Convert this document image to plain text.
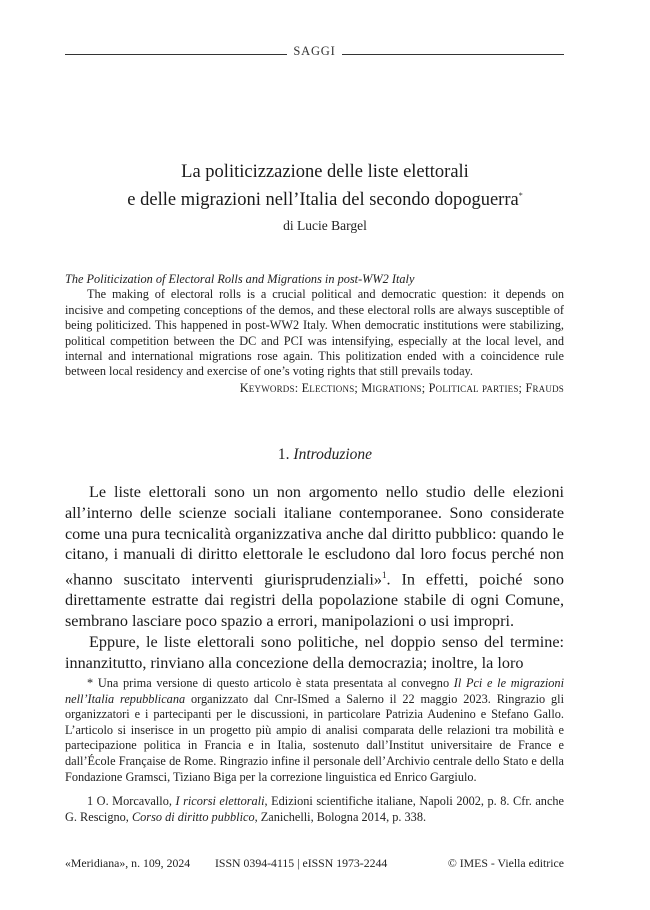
SAGGI
La politicizzazione delle liste elettorali
e delle migrazioni nell’Italia del secondo dopoguerra*
di Lucie Bargel
The Politicization of Electoral Rolls and Migrations in post-WW2 Italy

The making of electoral rolls is a crucial political and democratic question: it depends on incisive and competing conceptions of the demos, and these electoral rolls are always susceptible of being politicized. This happened in post-WW2 Italy. When democratic institutions were stabilizing, political competition between the DC and PCI was intensifying, especially at the local level, and internal and international migrations rose again. This politization ended with a coincidence rule between local residency and exercise of one’s voting rights that still prevails today.

Keywords: Elections; Migrations; Political parties; Frauds
1. Introduzione

Le liste elettorali sono un non argomento nello studio delle elezioni all’interno delle scienze sociali italiane contemporanee. Sono considerate come una pura tecnicalità organizzativa anche dal diritto pubblico: quando le citano, i manuali di diritto elettorale le escludono dal loro focus perché non «hanno suscitato interventi giurisprudenziali»$^1$. In effetti, poiché sono direttamente estratte dai registri della popolazione stabile di ogni Comune, sembrano lasciare poco spazio a errori, manipolazioni o usi impropri.

Eppure, le liste elettorali sono politiche, nel doppio senso del termine: innanzitutto, rinviano alla concezione della democrazia; inoltre, la loro

* Una prima versione di questo articolo è stata presentata al convegno Il Pci e le migrazioni nell’Italia repubblicana organizzato dal Cnr-ISmed a Salerno il 22 maggio 2023. Ringrazio gli organizzatori e i partecipanti per le discussioni, in particolare Patrizia Audenino e Stefano Gallo. L’articolo si inserisce in un progetto più ampio di analisi comparata delle relazioni tra mobilità e partecipazione politica in Francia e in Italia, sostenuto dall’Institut universitaire de France e dall’École Française de Rome. Ringrazio infine il personale dell’Archivio centrale dello Stato e della Fondazione Gramsci, Tiziano Biga per la correzione linguistica ed Enrico Gargiulo.

1 O. Morcavallo, I ricorsi elettorali, Edizioni scientifiche italiane, Napoli 2002, p. 8. Cfr. anche G. Rescigno, Corso di diritto pubblico, Zanichelli, Bologna 2014, p. 338.

«Meridiana», n. 109, 2024 ISSN 0394-4115 | eISSN 1973-2244	© IMES - Viella editrice
